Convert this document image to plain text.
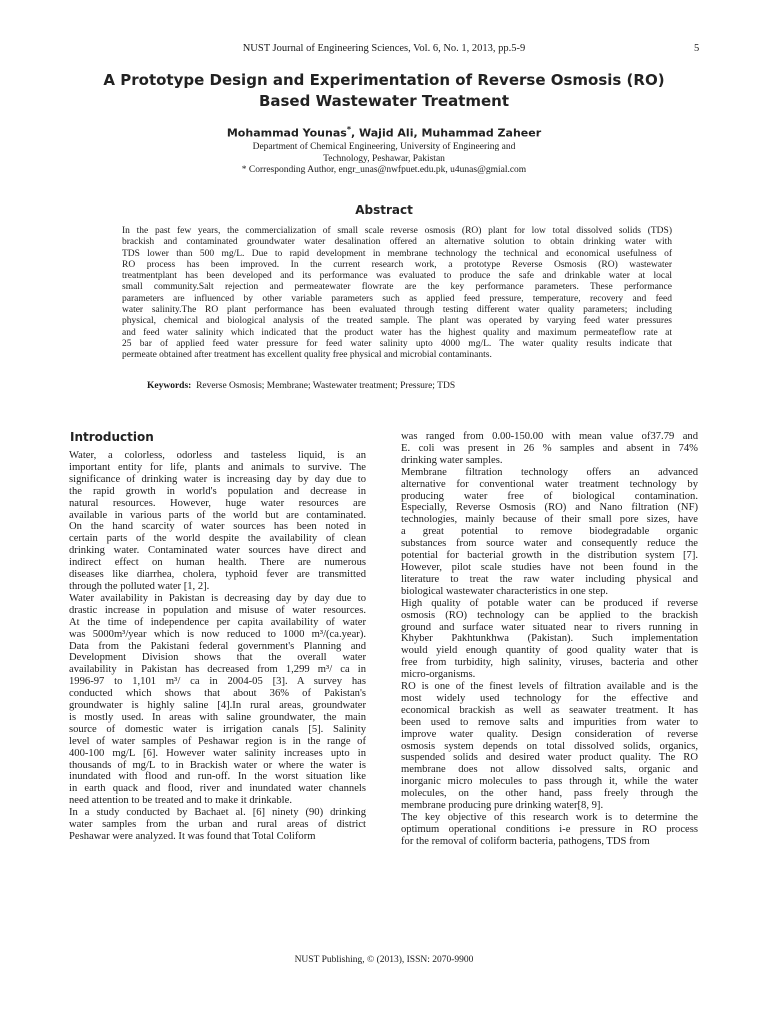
NUST Journal of Engineering Sciences, Vol. 6, No. 1, 2013, pp.5-9	5
A Prototype Design and Experimentation of Reverse Osmosis (RO)
Based Wastewater Treatment
Mohammad Younas*, Wajid Ali, Muhammad Zaheer
Department of Chemical Engineering, University of Engineering and
Technology, Peshawar, Pakistan
* Corresponding Author, engr_unas@nwfpuet.edu.pk, u4unas@gmial.com
Abstract
In the past few years, the commercialization of small scale reverse osmosis (RO) plant for low total dissolved solids (TDS)
brackish and contaminated groundwater water desalination offered an alternative solution to obtain drinking water with
TDS lower than 500 mg/L. Due to rapid development in membrane technology the technical and economical usefulness of
RO process has been improved. In the current research work, a prototype Reverse Osmosis (RO) wastewater
treatmentplant has been developed and its performance was evaluated to produce the safe and drinkable water at local
small community.Salt rejection and permeatewater flowrate are the key performance parameters. These performance
parameters are influenced by other variable parameters such as applied feed pressure, temperature, recovery and feed
water salinity.The RO plant performance has been evaluated through testing different water quality parameters; including
physical, chemical and biological analysis of the treated sample. The plant was operated by varying feed water pressures
and feed water salinity which indicated that the product water has the highest quality and maximum permeateflow rate at
25 bar of applied feed water pressure for feed water salinity upto 4000 mg/L. The water quality results indicate that
permeate obtained after treatment has excellent quality free physical and microbial contaminants.
Keywords: Reverse Osmosis; Membrane; Wastewater treatment; Pressure; TDS
Introduction
Water, a colorless, odorless and tasteless liquid, is an
important entity for life, plants and animals to survive. The
significance of drinking water is increasing day by day due to
the rapid growth in world's population and decrease in
natural resources. However, huge water resources are
available in various parts of the world but are contaminated.
On the hand scarcity of water sources has been noted in
certain parts of the world despite the availability of clean
drinking water. Contaminated water sources have direct and
indirect effect on human health. There are numerous
diseases like diarrhea, cholera, typhoid fever are transmitted
through the polluted water [1, 2].
Water availability in Pakistan is decreasing day by day due to
drastic increase in population and misuse of water resources.
At the time of independence per capita availability of water
was 5000m³/year which is now reduced to 1000 m³/(ca.year).
Data from the Pakistani federal government's Planning and
Development Division shows that the overall water
availability in Pakistan has decreased from 1,299 m³/ ca in
1996-97 to 1,101 m³/ ca in 2004-05 [3]. A survey has
conducted which shows that about 36% of Pakistan's
groundwater is highly saline [4].In rural areas, groundwater
is mostly used. In areas with saline groundwater, the main
source of domestic water is irrigation canals [5]. Salinity
level of water samples of Peshawar region is in the range of
400-100 mg/L [6]. However water salinity increases upto in
thousands of mg/L to in Brackish water or where the water is
inundated with flood and run-off. In the worst situation like
in earth quack and flood, river and inundated water channels
need attention to be treated and to make it drinkable.
In a study conducted by Bachaet al. [6] ninety (90) drinking
water samples from the urban and rural areas of district
Peshawar were analyzed. It was found that Total Coliform
was ranged from 0.00-150.00 with mean value of37.79 and
E. coli was present in 26 % samples and absent in 74%
drinking water samples.
Membrane filtration technology offers an advanced
alternative for conventional water treatment technology by
producing water free of biological contamination.
Especially, Reverse Osmosis (RO) and Nano filtration (NF)
technologies, mainly because of their small pore sizes, have
a great potential to remove biodegradable organic
substances from source water and consequently reduce the
potential for bacterial growth in the distribution system [7].
However, pilot scale studies have not been found in the
literature to treat the raw water including physical and
biological wastewater characteristics in one step.
High quality of potable water can be produced if reverse
osmosis (RO) technology can be applied to the brackish
ground and surface water situated near to rivers running in
Khyber Pakhtunkhwa (Pakistan). Such implementation
would yield enough quantity of good quality water that is
free from turbidity, high salinity, viruses, bacteria and other
micro-organisms.
RO is one of the finest levels of filtration available and is the
most widely used technology for the effective and
economical brackish as well as seawater treatment. It has
been used to remove salts and impurities from water to
improve water quality. Design consideration of reverse
osmosis system depends on total dissolved solids, organics,
suspended solids and desired water product quality. The RO
membrane does not allow dissolved salts, organic and
inorganic micro molecules to pass through it, while the water
molecules, on the other hand, pass freely through the
membrane producing pure drinking water[8, 9].
The key objective of this research work is to determine the
optimum operational conditions i-e pressure in RO process
for the removal of coliform bacteria, pathogens, TDS from
NUST Publishing, © (2013), ISSN: 2070-9900
